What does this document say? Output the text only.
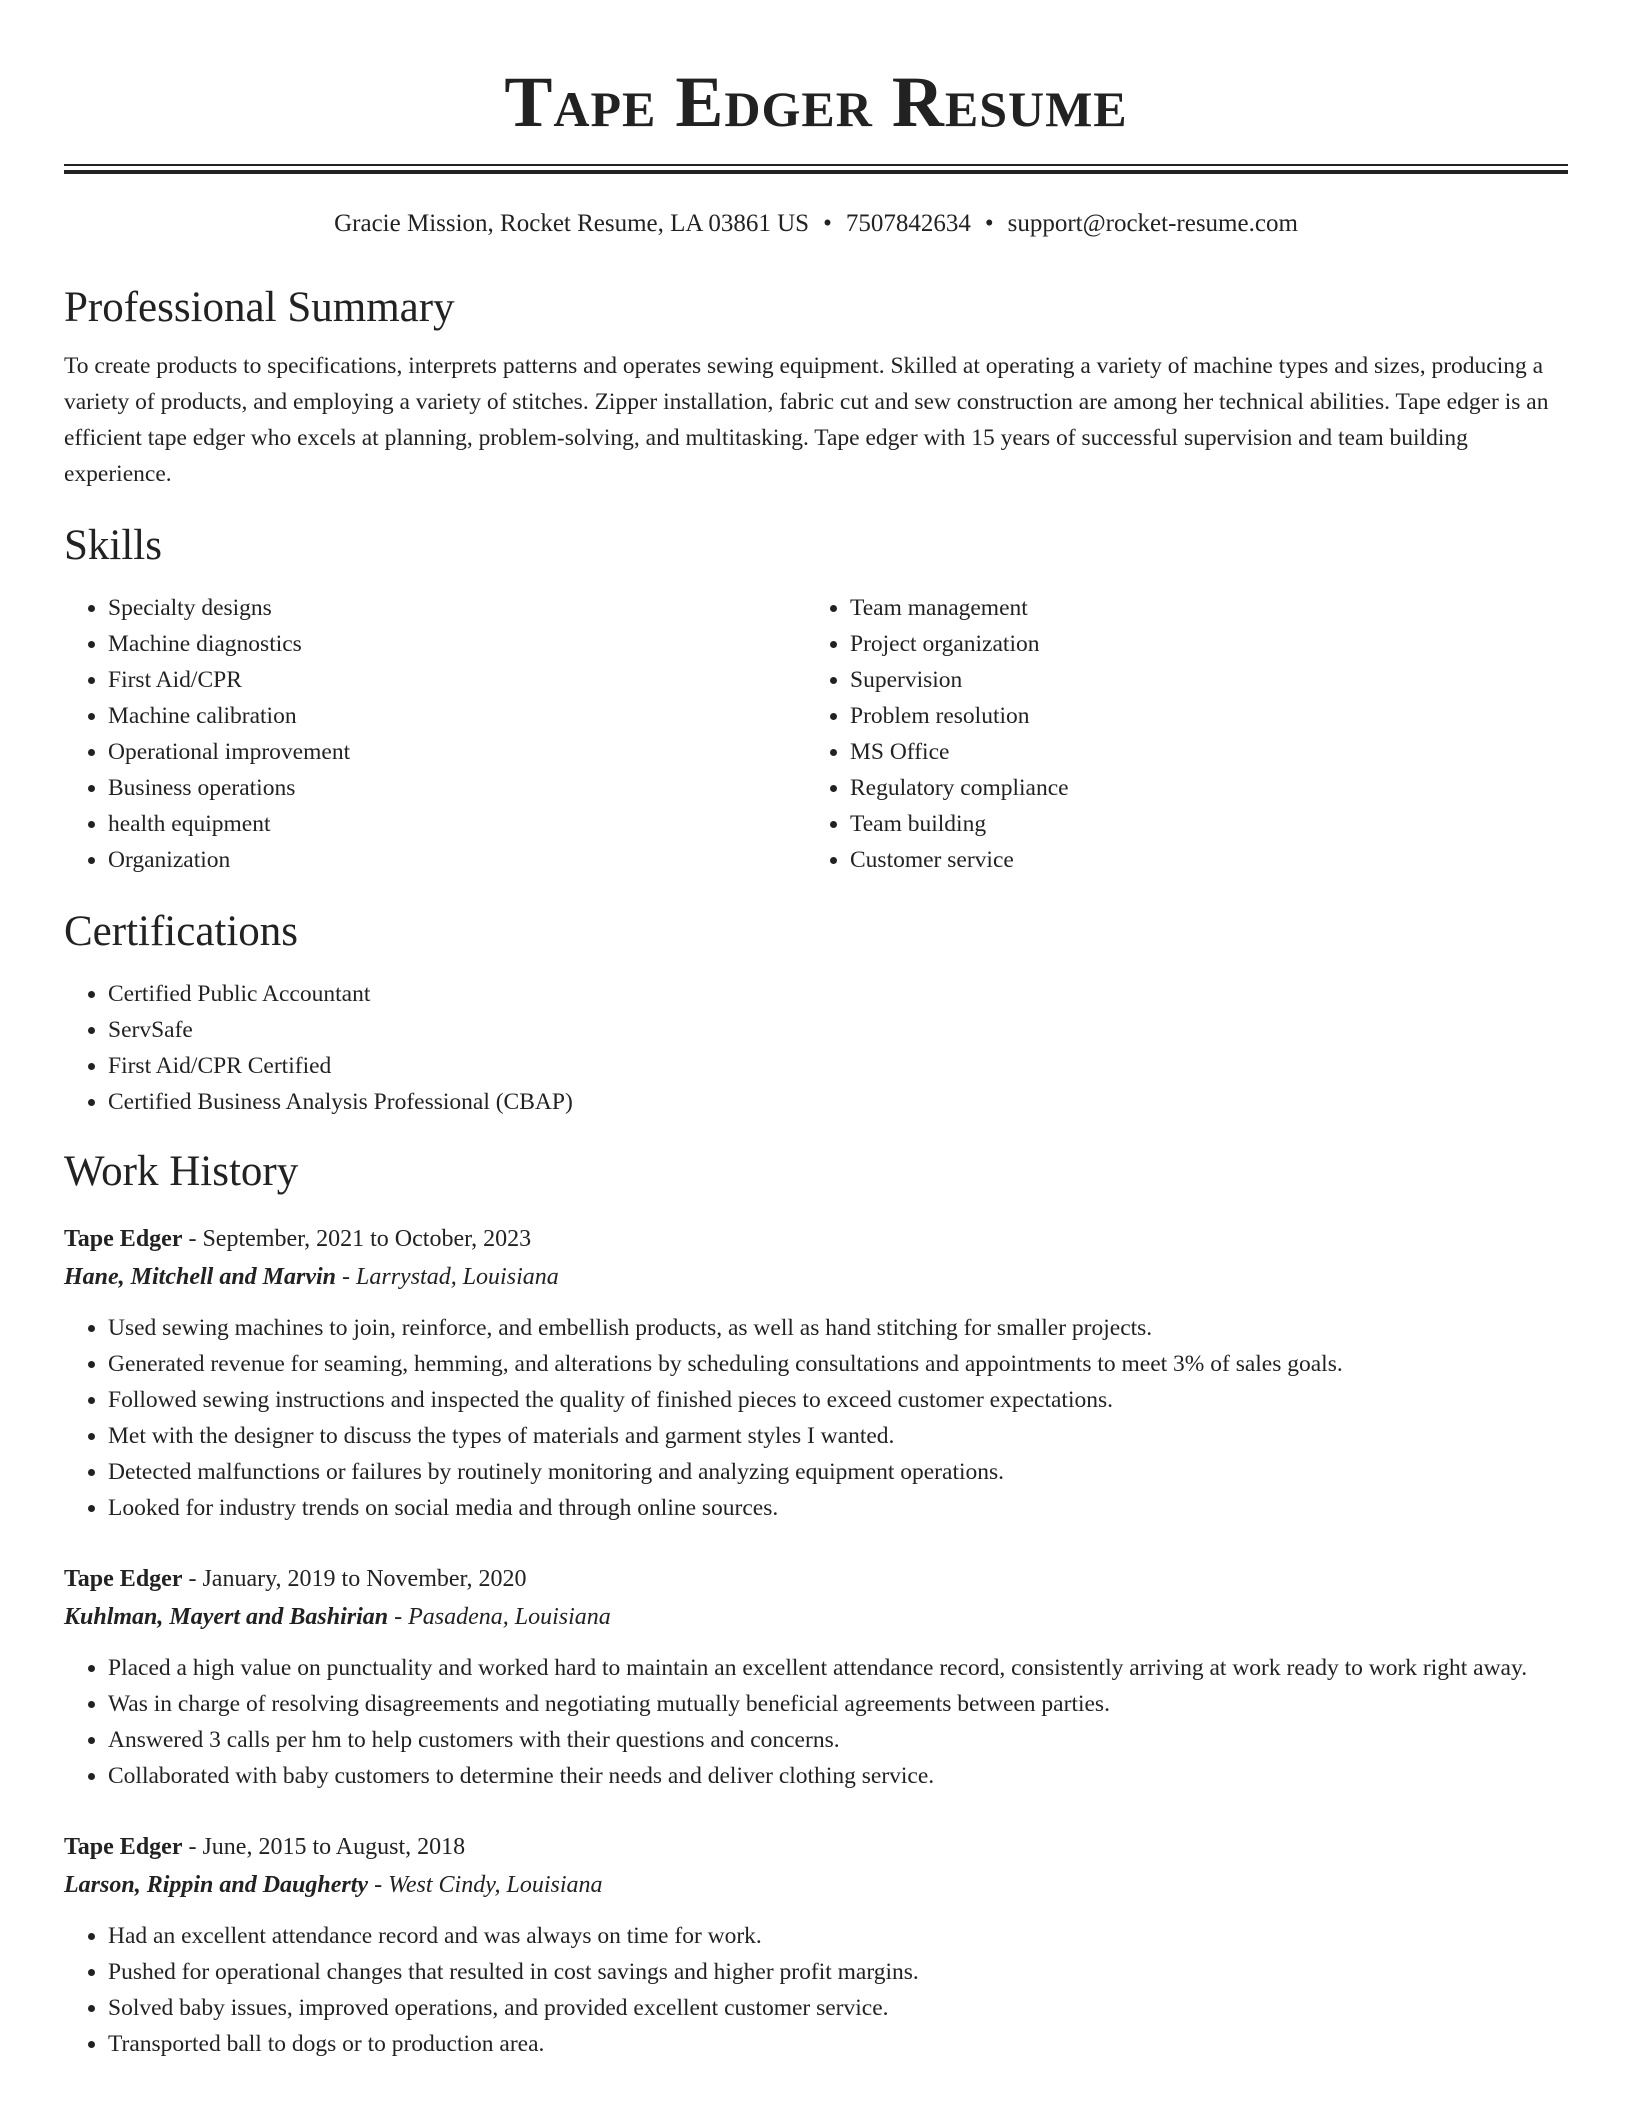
Tape Edger Resume
Gracie Mission, Rocket Resume, LA 03861 US • 7507842634 • support@rocket-resume.com
Professional Summary

To create products to specifications, interprets patterns and operates sewing equipment. Skilled at operating a variety of machine types and sizes, producing a variety of products, and employing a variety of stitches. Zipper installation, fabric cut and sew construction are among her technical abilities. Tape edger is an efficient tape edger who excels at planning, problem-solving, and multitasking. Tape edger with 15 years of successful supervision and team building experience.

Skills
• Specialty designs
• Machine diagnostics
• First Aid/CPR
• Machine calibration
• Operational improvement
• Business operations
• health equipment
• Organization
• Team management
• Project organization
• Supervision
• Problem resolution
• MS Office
• Regulatory compliance
• Team building
• Customer service
Certifications
• Certified Public Accountant
• ServSafe
• First Aid/CPR Certified
• Certified Business Analysis Professional (CBAP)
Work History
Tape Edger - September, 2021 to October, 2023
Hane, Mitchell and Marvin - Larrystad, Louisiana
• Used sewing machines to join, reinforce, and embellish products, as well as hand stitching for smaller projects.
• Generated revenue for seaming, hemming, and alterations by scheduling consultations and appointments to meet 3% of sales goals.
• Followed sewing instructions and inspected the quality of finished pieces to exceed customer expectations.
• Met with the designer to discuss the types of materials and garment styles I wanted.
• Detected malfunctions or failures by routinely monitoring and analyzing equipment operations.
• Looked for industry trends on social media and through online sources.
Tape Edger - January, 2019 to November, 2020
Kuhlman, Mayert and Bashirian - Pasadena, Louisiana
• Placed a high value on punctuality and worked hard to maintain an excellent attendance record, consistently arriving at work ready to work right away.
• Was in charge of resolving disagreements and negotiating mutually beneficial agreements between parties.
• Answered 3 calls per hm to help customers with their questions and concerns.
• Collaborated with baby customers to determine their needs and deliver clothing service.
Tape Edger - June, 2015 to August, 2018
Larson, Rippin and Daugherty - West Cindy, Louisiana
• Had an excellent attendance record and was always on time for work.
• Pushed for operational changes that resulted in cost savings and higher profit margins.
• Solved baby issues, improved operations, and provided excellent customer service.
• Transported ball to dogs or to production area.
